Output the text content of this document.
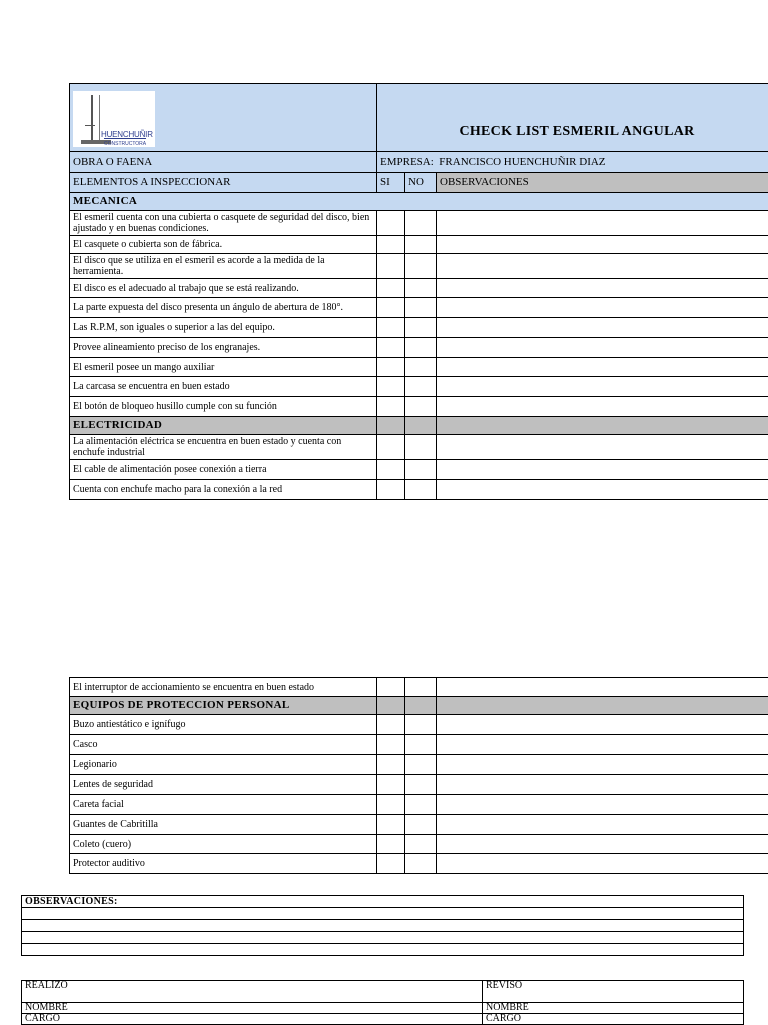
HUENCHUÑIR
CONSTRUCTORA	CHECK LIST ESMERIL ANGULAR		
OBRA O FAENA	EMPRESA: FRANCISCO HUENCHUÑIR DIAZ		
ELEMENTOS A INSPECCIONAR	SI	NO	OBSERVACIONES
MECANICA			
El esmeril cuenta con una cubierta o casquete de seguridad del disco, bien ajustado y en buenas condiciones.			
El casquete o cubierta son de fábrica.			
El disco que se utiliza en el esmeril es acorde a la medida de la herramienta.			
El disco es el adecuado al trabajo que se está realizando.			
La parte expuesta del disco presenta un ángulo de abertura de 180°.			
Las R.P.M, son iguales o superior a las del equipo.			
Provee alineamiento preciso de los engranajes.			
El esmeril posee un mango auxiliar			
La carcasa se encuentra en buen estado			
El botón de bloqueo husillo cumple con su función			
ELECTRICIDAD			
La alimentación eléctrica se encuentra en buen estado y cuenta con enchufe industrial			
El cable de alimentación posee conexión a tierra			
Cuenta con enchufe macho para la conexión a la red			
El interruptor de accionamiento se encuentra en buen estado			
EQUIPOS DE PROTECCION PERSONAL			
Buzo antiestático e ignífugo			
Casco			
Legionario			
Lentes de seguridad			
Careta facial			
Guantes de Cabritilla			
Coleto (cuero)			
Protector auditivo			
OBSERVACIONES:

REALIZO	REVISO
NOMBRE	NOMBRE
CARGO	CARGO
